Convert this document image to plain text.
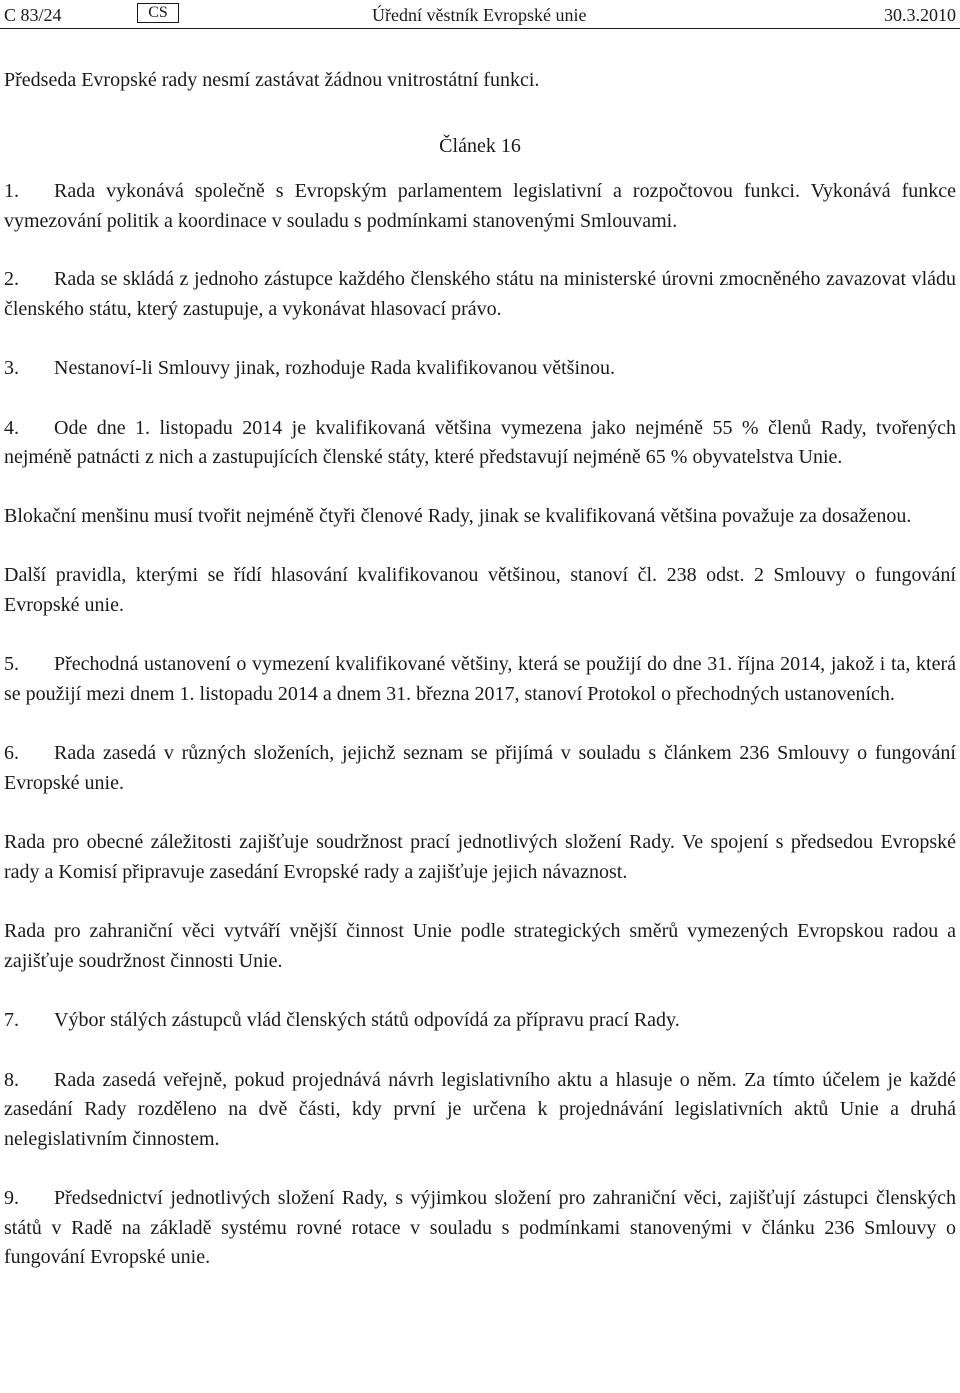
C 83/24	CS	Úřední věstník Evropské unie	30.3.2010

Předseda Evropské rady nesmí zastávat žádnou vnitrostátní funkci.

Článek 16

1. Rada vykonává společně s Evropským parlamentem legislativní a rozpočtovou funkci. Vykonává funkce vymezování politik a koordinace v souladu s podmínkami stanovenými Smlouvami.

2. Rada se skládá z jednoho zástupce každého členského státu na ministerské úrovni zmocněného zavazovat vládu členského státu, který zastupuje, a vykonávat hlasovací právo.

3. Nestanoví-li Smlouvy jinak, rozhoduje Rada kvalifikovanou většinou.

4. Ode dne 1. listopadu 2014 je kvalifikovaná většina vymezena jako nejméně 55 % členů Rady, tvořených nejméně patnácti z nich a zastupujících členské státy, které představují nejméně 65 % obyvatelstva Unie.

Blokační menšinu musí tvořit nejméně čtyři členové Rady, jinak se kvalifikovaná většina považuje za dosaženou.

Další pravidla, kterými se řídí hlasování kvalifikovanou většinou, stanoví čl. 238 odst. 2 Smlouvy o fungování Evropské unie.

5. Přechodná ustanovení o vymezení kvalifikované většiny, která se použijí do dne 31. října 2014, jakož i ta, která se použijí mezi dnem 1. listopadu 2014 a dnem 31. března 2017, stanoví Protokol o přechodných ustanoveních.

6. Rada zasedá v různých složeních, jejichž seznam se přijímá v souladu s článkem 236 Smlouvy o fungování Evropské unie.

Rada pro obecné záležitosti zajišťuje soudržnost prací jednotlivých složení Rady. Ve spojení s předsedou Evropské rady a Komisí připravuje zasedání Evropské rady a zajišťuje jejich návaznost.

Rada pro zahraniční věci vytváří vnější činnost Unie podle strategických směrů vymezených Evropskou radou a zajišťuje soudržnost činnosti Unie.

7. Výbor stálých zástupců vlád členských států odpovídá za přípravu prací Rady.

8. Rada zasedá veřejně, pokud projednává návrh legislativního aktu a hlasuje o něm. Za tímto účelem je každé zasedání Rady rozděleno na dvě části, kdy první je určena k projednávání legislativních aktů Unie a druhá nelegislativním činnostem.

9. Předsednictví jednotlivých složení Rady, s výjimkou složení pro zahraniční věci, zajišťují zástupci členských států v Radě na základě systému rovné rotace v souladu s podmínkami stanovenými v článku 236 Smlouvy o fungování Evropské unie.
